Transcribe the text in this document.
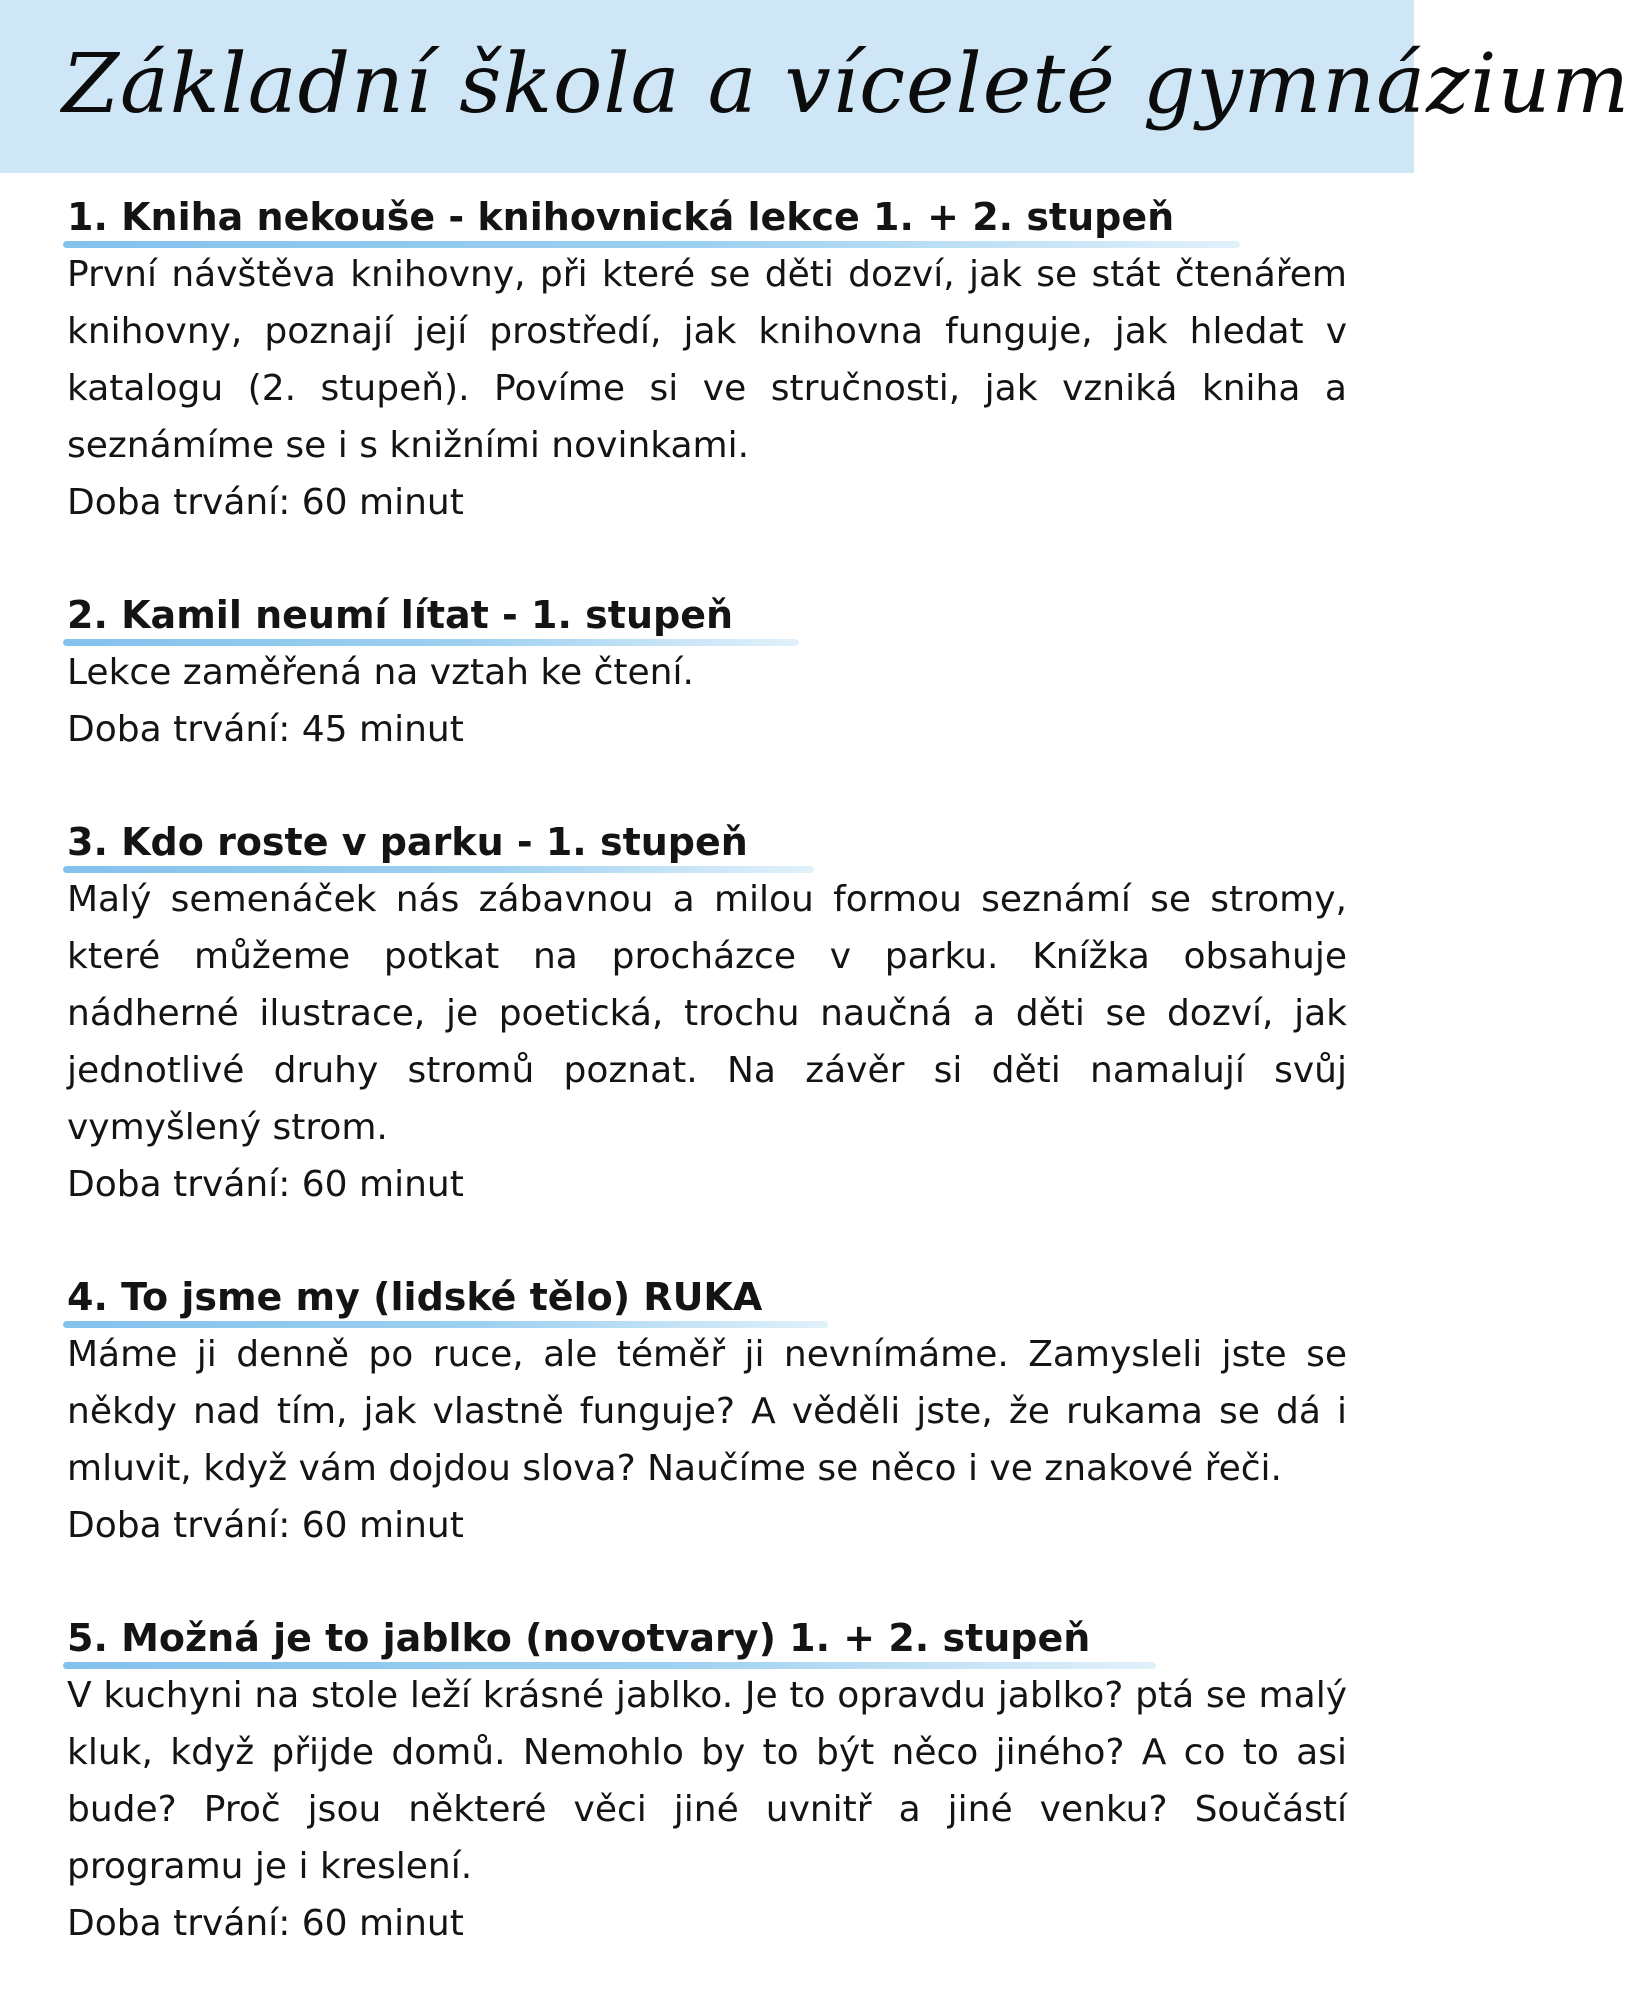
Základní škola a víceleté gymnázium
1. Kniha nekouše - knihovnická lekce 1. + 2. stupeň

První návštěva knihovny, při které se děti dozví, jak se stát čtenářem knihovny, poznají její prostředí, jak knihovna funguje, jak hledat v katalogu (2. stupeň). Povíme si ve stručnosti, jak vzniká kniha a seznámíme se i s knižními novinkami.

Doba trvání: 60 minut

2. Kamil neumí lítat - 1. stupeň

Lekce zaměřená na vztah ke čtení.

Doba trvání: 45 minut

3. Kdo roste v parku - 1. stupeň

Malý semenáček nás zábavnou a milou formou seznámí se stromy, které můžeme potkat na procházce v parku. Knížka obsahuje nádherné ilustrace, je poetická, trochu naučná a děti se dozví, jak jednotlivé druhy stromů poznat. Na závěr si děti namalují svůj vymyšlený strom.

Doba trvání: 60 minut

4. To jsme my (lidské tělo) RUKA

Máme ji denně po ruce, ale téměř ji nevnímáme. Zamysleli jste se někdy nad tím, jak vlastně funguje? A věděli jste, že rukama se dá i mluvit, když vám dojdou slova? Naučíme se něco i ve znakové řeči.

Doba trvání: 60 minut

5. Možná je to jablko (novotvary) 1. + 2. stupeň

V kuchyni na stole leží krásné jablko. Je to opravdu jablko? ptá se malý kluk, když přijde domů. Nemohlo by to být něco jiného? A co to asi bude? Proč jsou některé věci jiné uvnitř a jiné venku? Součástí programu je i kreslení.

Doba trvání: 60 minut
